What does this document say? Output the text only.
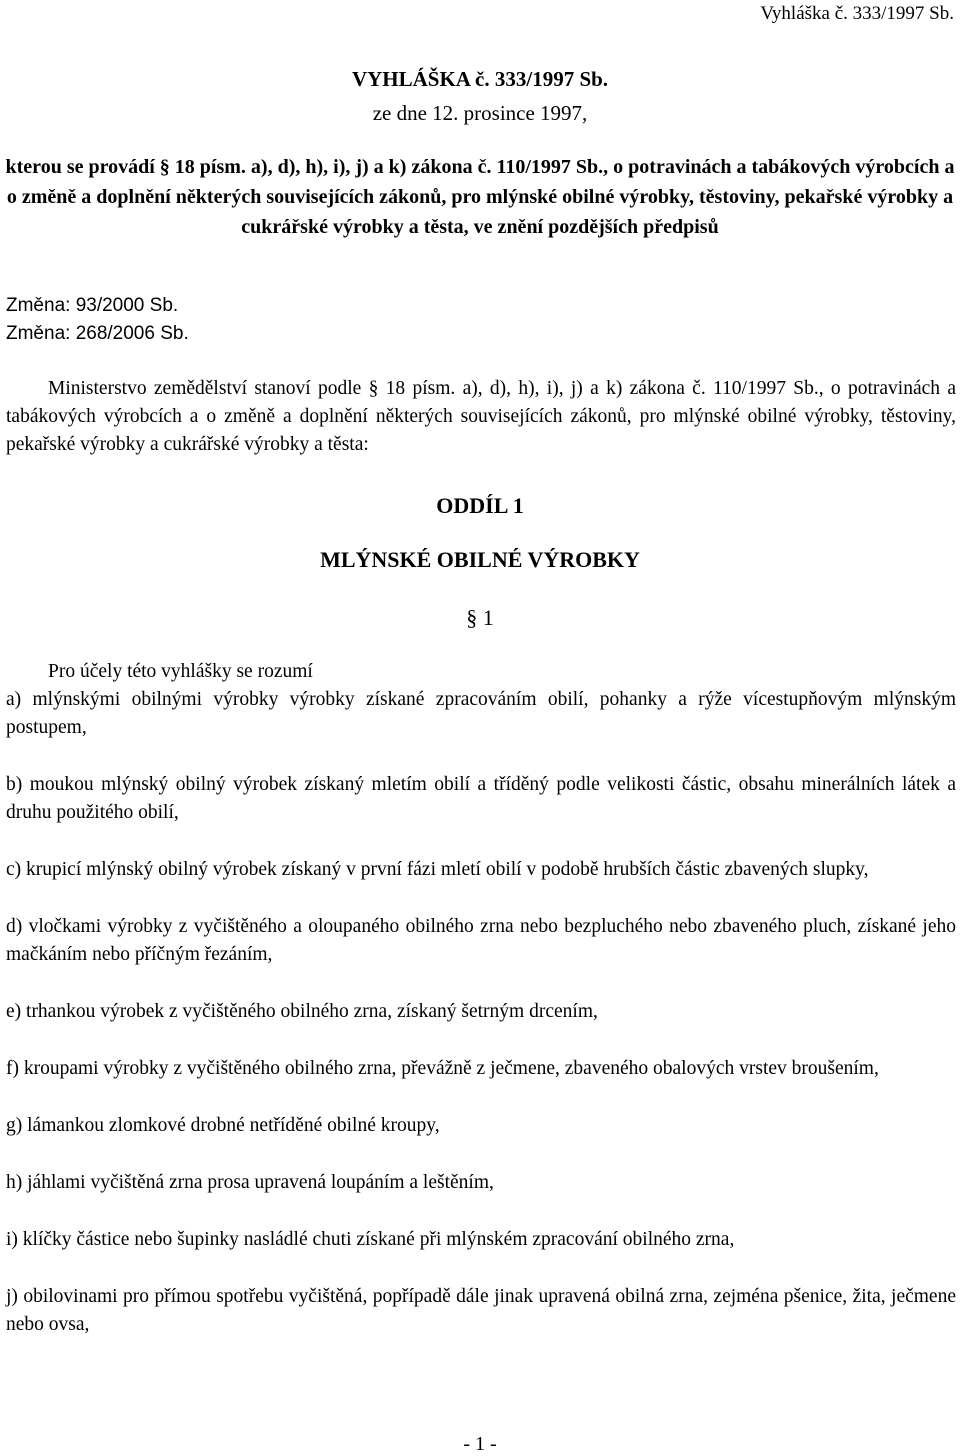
Vyhláška č. 333/1997 Sb.
VYHLÁŠKA č. 333/1997 Sb.
ze dne 12. prosince 1997,
kterou se provádí § 18 písm. a), d), h), i), j) a k) zákona č. 110/1997 Sb., o potravinách a tabákových výrobcích a o změně a doplnění některých souvisejících zákonů, pro mlýnské obilné výrobky, těstoviny, pekařské výrobky a cukrářské výrobky a těsta, ve znění pozdějších předpisů
Změna: 93/2000 Sb.
Změna: 268/2006 Sb.
Ministerstvo zemědělství stanoví podle § 18 písm. a), d), h), i), j) a k) zákona č. 110/1997 Sb., o potravinách a tabákových výrobcích a o změně a doplnění některých souvisejících zákonů, pro mlýnské obilné výrobky, těstoviny, pekařské výrobky a cukrářské výrobky a těsta:
ODDÍL 1
MLÝNSKÉ OBILNÉ VÝROBKY
§ 1
Pro účely této vyhlášky se rozumí

a) mlýnskými obilnými výrobky výrobky získané zpracováním obilí, pohanky a rýže vícestupňovým mlýnským postupem,

b) moukou mlýnský obilný výrobek získaný mletím obilí a tříděný podle velikosti částic, obsahu minerálních látek a druhu použitého obilí,

c) krupicí mlýnský obilný výrobek získaný v první fázi mletí obilí v podobě hrubších částic zbavených slupky,

d) vločkami výrobky z vyčištěného a oloupaného obilného zrna nebo bezpluchého nebo zbaveného pluch, získané jeho mačkáním nebo příčným řezáním,

e) trhankou výrobek z vyčištěného obilného zrna, získaný šetrným drcením,

f) kroupami výrobky z vyčištěného obilného zrna, převážně z ječmene, zbaveného obalových vrstev broušením,

g) lámankou zlomkové drobné netříděné obilné kroupy,

h) jáhlami vyčištěná zrna prosa upravená loupáním a leštěním,

i) klíčky částice nebo šupinky nasládlé chuti získané při mlýnském zpracování obilného zrna,

j) obilovinami pro přímou spotřebu vyčištěná, popřípadě dále jinak upravená obilná zrna, zejména pšenice, žita, ječmene nebo ovsa,

- 1 -
